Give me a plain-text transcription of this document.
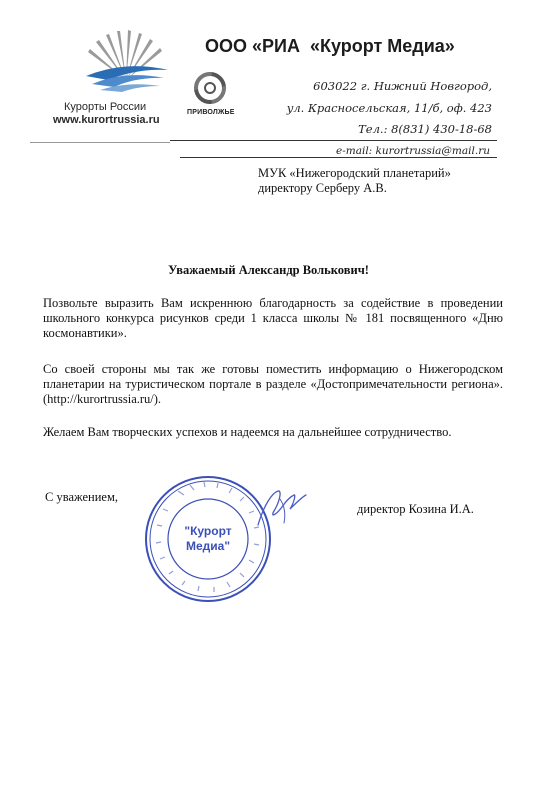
Курорты России
www.kurortrussia.ru
ПРИВОЛЖЬЕ
ООО «РИА  «Курорт Медиа»
603022 г. Нижний Новгород,
ул. Красносельская, 11/б, оф. 423
Тел.: 8(831) 430-18-68
e-mail: kurortrussia@mail.ru
МУК «Нижегородский планетарий»
директору Серберу А.В.
Уважаемый Александр Волькович!
Позвольте выразить Вам искреннюю благодарность за содействие в проведении школьного конкурса рисунков среди 1 класса школы № 181 посвященного «Дню космонавтики».
Со своей стороны мы так же готовы поместить информацию о Нижегородском планетарии на туристическом портале в разделе «Достопримечательности региона». (http://kurortrussia.ru/).
Желаем Вам творческих успехов и надеемся на дальнейшее сотрудничество.
С уважением,
директор Козина И.А.
"Курорт
Медиа"
